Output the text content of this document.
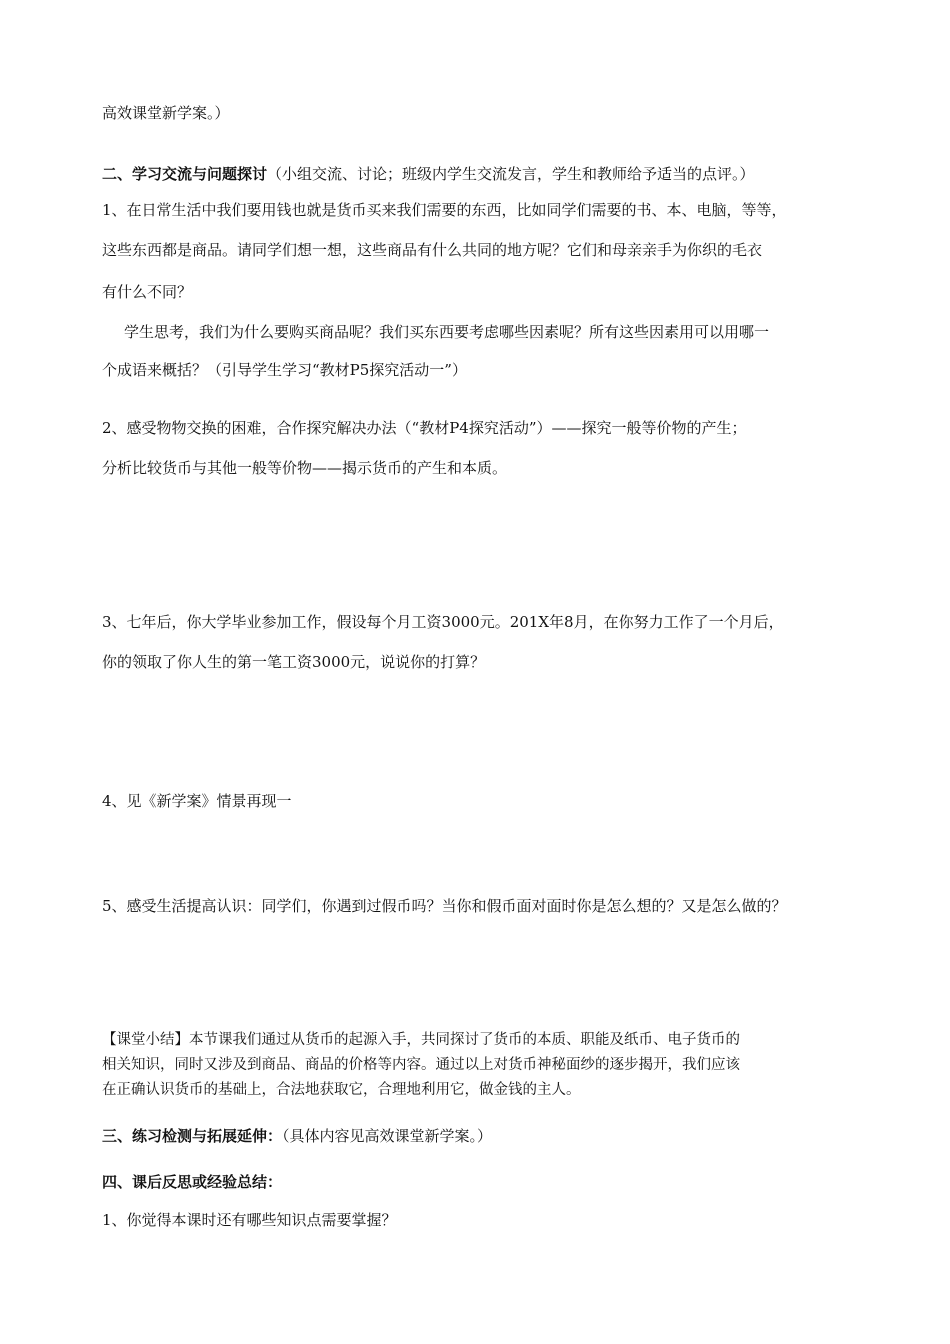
高效课堂新学案。）
二、学习交流与问题探讨（小组交流、讨论；班级内学生交流发言，学生和教师给予适当的点评。）
1、在日常生活中我们要用钱也就是货币买来我们需要的东西，比如同学们需要的书、本、电脑，等等，
这些东西都是商品。请同学们想一想，这些商品有什么共同的地方呢？它们和母亲亲手为你织的毛衣
有什么不同？
学生思考，我们为什么要购买商品呢？我们买东西要考虑哪些因素呢？所有这些因素用可以用哪一
个成语来概括？（引导学生学习“教材P5探究活动一”）
2、感受物物交换的困难，合作探究解决办法（“教材P4探究活动”）——探究一般等价物的产生；
分析比较货币与其他一般等价物——揭示货币的产生和本质。
3、七年后，你大学毕业参加工作，假设每个月工资3000元。201X年8月，在你努力工作了一个月后，
你的领取了你人生的第一笔工资3000元，说说你的打算？
4、见《新学案》情景再现一
5、感受生活提高认识：同学们，你遇到过假币吗？当你和假币面对面时你是怎么想的？又是怎么做的？
【课堂小结】本节课我们通过从货币的起源入手，共同探讨了货币的本质、职能及纸币、电子货币的
相关知识，同时又涉及到商品、商品的价格等内容。通过以上对货币神秘面纱的逐步揭开，我们应该
在正确认识货币的基础上，合法地获取它，合理地利用它，做金钱的主人。
三、练习检测与拓展延伸：（具体内容见高效课堂新学案。）
四、课后反思或经验总结：
1、你觉得本课时还有哪些知识点需要掌握？
